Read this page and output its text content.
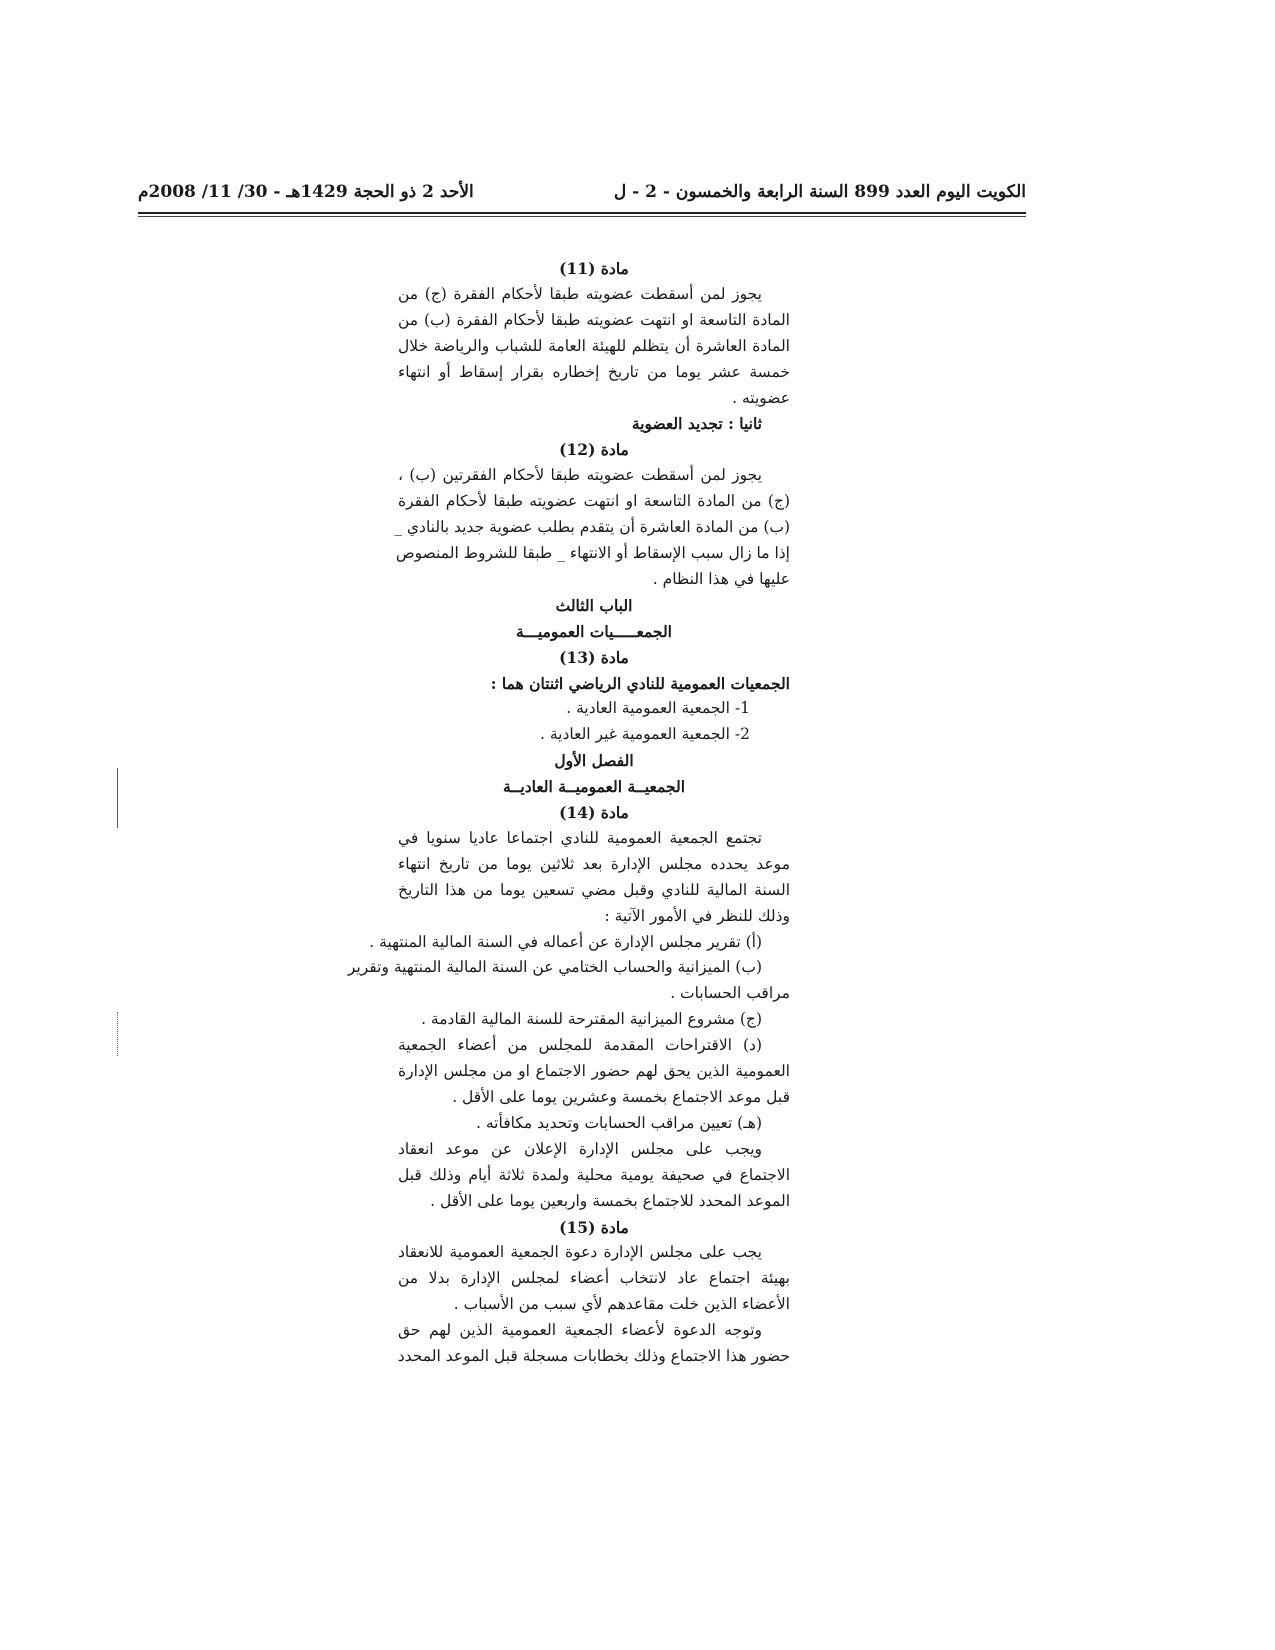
الكويت اليوم العدد 899 السنة الرابعة والخمسون - 2 - ل
الأحد 2 ذو الحجة 1429هـ - 30/ 11/ 2008م
مادة (11)
يجوز لمن أسقطت عضويته طبقا لأحكام الفقرة (ج) من
المادة التاسعة او انتهت عضويته طبقا لأحكام الفقرة (ب) من
المادة العاشرة أن يتظلم للهيئة العامة للشباب والرياضة خلال
خمسة عشر يوما من تاريخ إخطاره بقرار إسقاط أو انتهاء
عضويته .
ثانيا : تجديد العضوية
مادة (12)
يجوز لمن أسقطت عضويته طبقا لأحكام الفقرتين (ب) ،
(ج) من المادة التاسعة او انتهت عضويته طبقا لأحكام الفقرة
(ب) من المادة العاشرة أن يتقدم بطلب عضوية جديد بالنادي _
إذا ما زال سبب الإسقاط أو الانتهاء _ طبقا للشروط المنصوص
عليها في هذا النظام .
الباب الثالث
الجمعـــــيات العموميـــة
مادة (13)
الجمعيات العمومية للنادي الرياضي اثنتان هما :
1- الجمعية العمومية العادية .
2- الجمعية العمومية غير العادية .
الفصل الأول
الجمعيــة العموميــة العاديــة
مادة (14)
تجتمع الجمعية العمومية للنادي اجتماعا عاديا سنويا في
موعد يحدده مجلس الإدارة بعد ثلاثين يوما من تاريخ انتهاء
السنة المالية للنادي وقبل مضي تسعين يوما من هذا التاريخ
وذلك للنظر في الأمور الآتية :
(أ) تقرير مجلس الإدارة عن أعماله في السنة المالية المنتهية .
(ب) الميزانية والحساب الختامي عن السنة المالية المنتهية وتقرير
مراقب الحسابات .
(ج) مشروع الميزانية المقترحة للسنة المالية القادمة .
(د) الاقتراحات المقدمة للمجلس من أعضاء الجمعية
العمومية الذين يحق لهم حضور الاجتماع او من مجلس الإدارة
قبل موعد الاجتماع بخمسة وعشرين يوما على الأقل .
(هـ) تعيين مراقب الحسابات وتحديد مكافأته .
ويجب على مجلس الإدارة الإعلان عن موعد انعقاد
الاجتماع في صحيفة يومية محلية ولمدة ثلاثة أيام وذلك قبل
الموعد المحدد للاجتماع بخمسة واربعين يوما على الأقل .
مادة (15)
يجب على مجلس الإدارة دعوة الجمعية العمومية للانعقاد
بهيئة اجتماع عاد لانتخاب أعضاء لمجلس الإدارة بدلا من
الأعضاء الذين خلت مقاعدهم لأي سبب من الأسباب .
وتوجه الدعوة لأعضاء الجمعية العمومية الذين لهم حق
حضور هذا الاجتماع وذلك بخطابات مسجلة قبل الموعد المحدد
